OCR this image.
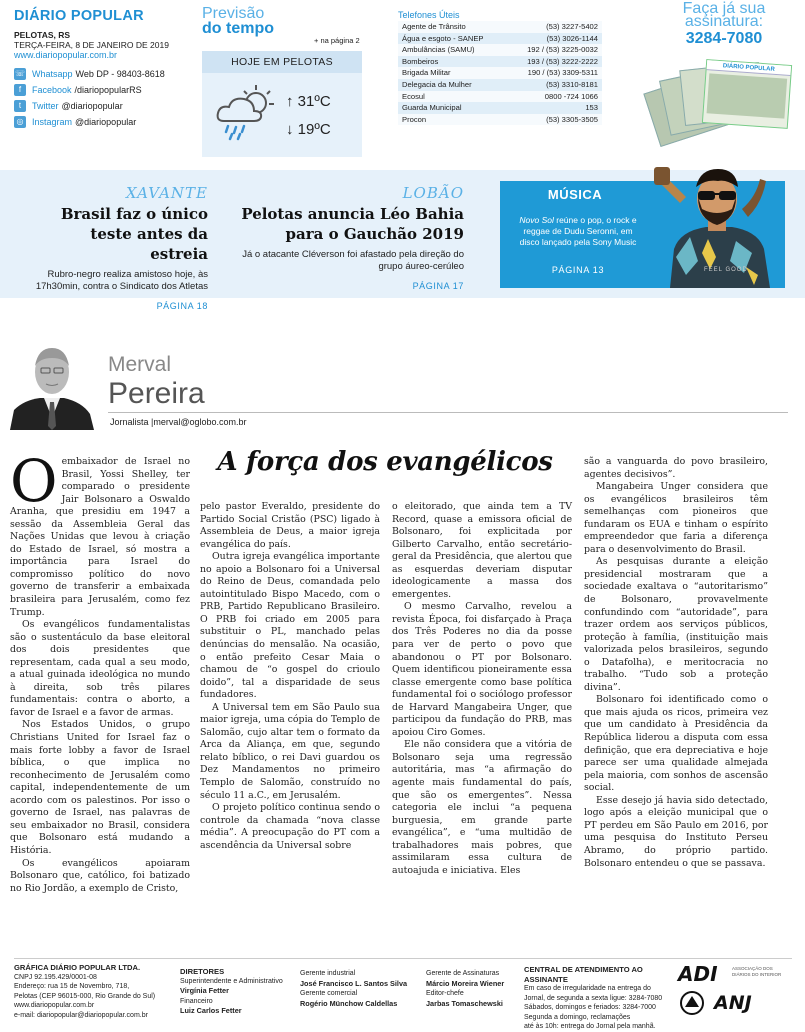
DIÁRIO POPULAR
PELOTAS, RS
TERÇA-FEIRA, 8 DE JANEIRO DE 2019
www.diariopopular.com.br
☏ Whatsapp Web DP - 98403-8618
f	Facebook /diariopopularRS
t	Twitter @diariopopular
◎ Instagram @diariopopular
Previsão
do tempo
+ na página 2
HOJE EM PELOTAS
↑ 31ºC
↓ 19ºC
Telefones Úteis
Agente de Trânsito	(53) 3227-5402
Água e esgoto - SANEP	(53) 3026-1144
Ambulâncias (SAMU)	192 / (53) 3225-0032
Bombeiros	193 / (53) 3222-2222
Brigada Militar	190 / (53) 3309-5311
Delegacia da Mulher	(53) 3310-8181
Ecosul	0800 -724 1066
Guarda Municipal	153
Procon	(53) 3305-3505
Faça já sua
assinatura:
3284-7080
DIÁRIO POPULAR
XAVANTE
Brasil faz o único teste antes da estreia
Rubro-negro realiza amistoso hoje, às 17h30min, contra o Sindicato dos Atletas
PÁGINA 18
LOBÃO
Pelotas anuncia Léo Bahia para o Gauchão 2019
Já o atacante Cléverson foi afastado pela direção do grupo áureo-cerúleo
PÁGINA 17
MÚSICA
Novo Sol reúne o pop, o rock e reggae de Dudu Seronni, em disco lançado pela Sony Music
PÁGINA 13	FEEL GOOD
Merval
Pereira
Jornalista |merval@oglobo.com.br
A força dos evangélicos

Oembaixador de Israel no Brasil, Yossi Shelley, ter comparado o presidente Jair Bolsonaro a Oswaldo Aranha, que presidiu em 1947 a sessão da Assembleia Geral das Nações Unidas que levou à criação do Estado de Israel, só mostra a importância para Israel do compromisso político do novo governo de transferir a embaixada brasileira para Jerusalém, como fez Trump.

Os evangélicos fundamentalistas são o sustentáculo da base eleitoral dos dois presidentes que representam, cada qual a seu modo, a atual guinada ideológica no mundo à direita, sob três pilares fundamentais: contra o aborto, a favor de Israel e a favor de armas.

Nos Estados Unidos, o grupo Christians United for Israel faz o mais forte lobby a favor de Israel bíblica, o que implica no reconhecimento de Jerusalém como capital, independentemente de um acordo com os palestinos. Por isso o governo de Israel, nas palavras de seu embaixador no Brasil, considera que Bolsonaro está mudando a História.

Os evangélicos apoiaram Bolsonaro que, católico, foi batizado no Rio Jordão, a exemplo de Cristo,

pelo pastor Everaldo, presidente do Partido Social Cristão (PSC) ligado à Assembleia de Deus, a maior igreja evangélica do país.

Outra igreja evangélica importante no apoio a Bolsonaro foi a Universal do Reino de Deus, comandada pelo autointitulado Bispo Macedo, com o PRB, Partido Republicano Brasileiro. O PRB foi criado em 2005 para substituir o PL, manchado pelas denúncias do mensalão. Na ocasião, o então prefeito Cesar Maia o chamou de “o gospel do crioulo doido”, tal a disparidade de seus fundadores.

A Universal tem em São Paulo sua maior igreja, uma cópia do Templo de Salomão, cujo altar tem o formato da Arca da Aliança, em que, segundo relato bíblico, o rei Davi guardou os Dez Mandamentos no primeiro Templo de Salomão, construído no século 11 a.C., em Jerusalém.

O projeto político continua sendo o controle da chamada “nova classe média”. A preocupação do PT com a ascendência da Universal sobre

o eleitorado, que ainda tem a TV Record, quase a emissora oficial de Bolsonaro, foi explicitada por Gilberto Carvalho, então secretário-geral da Presidência, que alertou que as esquerdas deveriam disputar ideologicamente a massa dos emergentes.

O mesmo Carvalho, revelou a revista Época, foi disfarçado à Praça dos Três Poderes no dia da posse para ver de perto o povo que abandonou o PT por Bolsonaro. Quem identificou pioneiramente essa classe emergente como base política fundamental foi o sociólogo professor de Harvard Mangabeira Unger, que participou da fundação do PRB, mas apoiou Ciro Gomes.

Ele não considera que a vitória de Bolsonaro seja uma regressão autoritária, mas “a afirmação do agente mais fundamental do país, que são os emergentes”. Nessa categoria ele inclui “a pequena burguesia, em grande parte evangélica”, e “uma multidão de trabalhadores mais pobres, que assimilaram essa cultura de autoajuda e iniciativa. Eles

são a vanguarda do povo brasileiro, agentes decisivos”.

Mangabeira Unger considera que os evangélicos brasileiros têm semelhanças com pioneiros que fundaram os EUA e tinham o espírito empreendedor que faria a diferença para o desenvolvimento do Brasil.

As pesquisas durante a eleição presidencial mostraram que a sociedade exaltava o “autoritarismo” de Bolsonaro, provavelmente confundindo com “autoridade”, para trazer ordem aos serviços públicos, proteção à família, (instituição mais valorizada pelos brasileiros, segundo o Datafolha), e meritocracia no trabalho. “Tudo sob a proteção divina”.

Bolsonaro foi identificado como o que mais ajuda os ricos, primeira vez que um candidato à Presidência da República liderou a disputa com essa definição, que era depreciativa e hoje parece ser uma qualidade almejada pela maioria, com sonhos de ascensão social.

Esse desejo já havia sido detectado, logo após a eleição municipal que o PT perdeu em São Paulo em 2016, por uma pesquisa do Instituto Perseu Abramo, do próprio partido. Bolsonaro entendeu o que se passava.

GRÁFICA DIÁRIO POPULAR LTDA.
CNPJ 92.195.429/0001-08
Endereço: rua 15 de Novembro, 718,
Pelotas (CEP 96015-000, Rio Grande do Sul)
www.diariopopular.com.br
e-mail: diariopopular@diariopopular.com.br
DIRETORES
Superintendente e Administrativo
Virgínia Fetter
Financeiro
Luiz Carlos Fetter
Gerente industrial
José Francisco L. Santos Silva
Gerente comercial
Rogério Münchow Caldellas
Gerente de Assinaturas
Márcio Moreira Wiener
Editor-chefe
Jarbas Tomaschewski
CENTRAL DE ATENDIMENTO AO ASSINANTE
Em caso de irregularidade na entrega do
Jornal, de segunda a sexta ligue: 3284-7080
Sábados, domingos e feriados: 3284-7000
Segunda a domingo, reclamações
até às 10h: entrega do Jornal pela manhã.
ADI	ASSOCIAÇÃO DOS DIÁRIOS DO INTERIOR
ANJ
